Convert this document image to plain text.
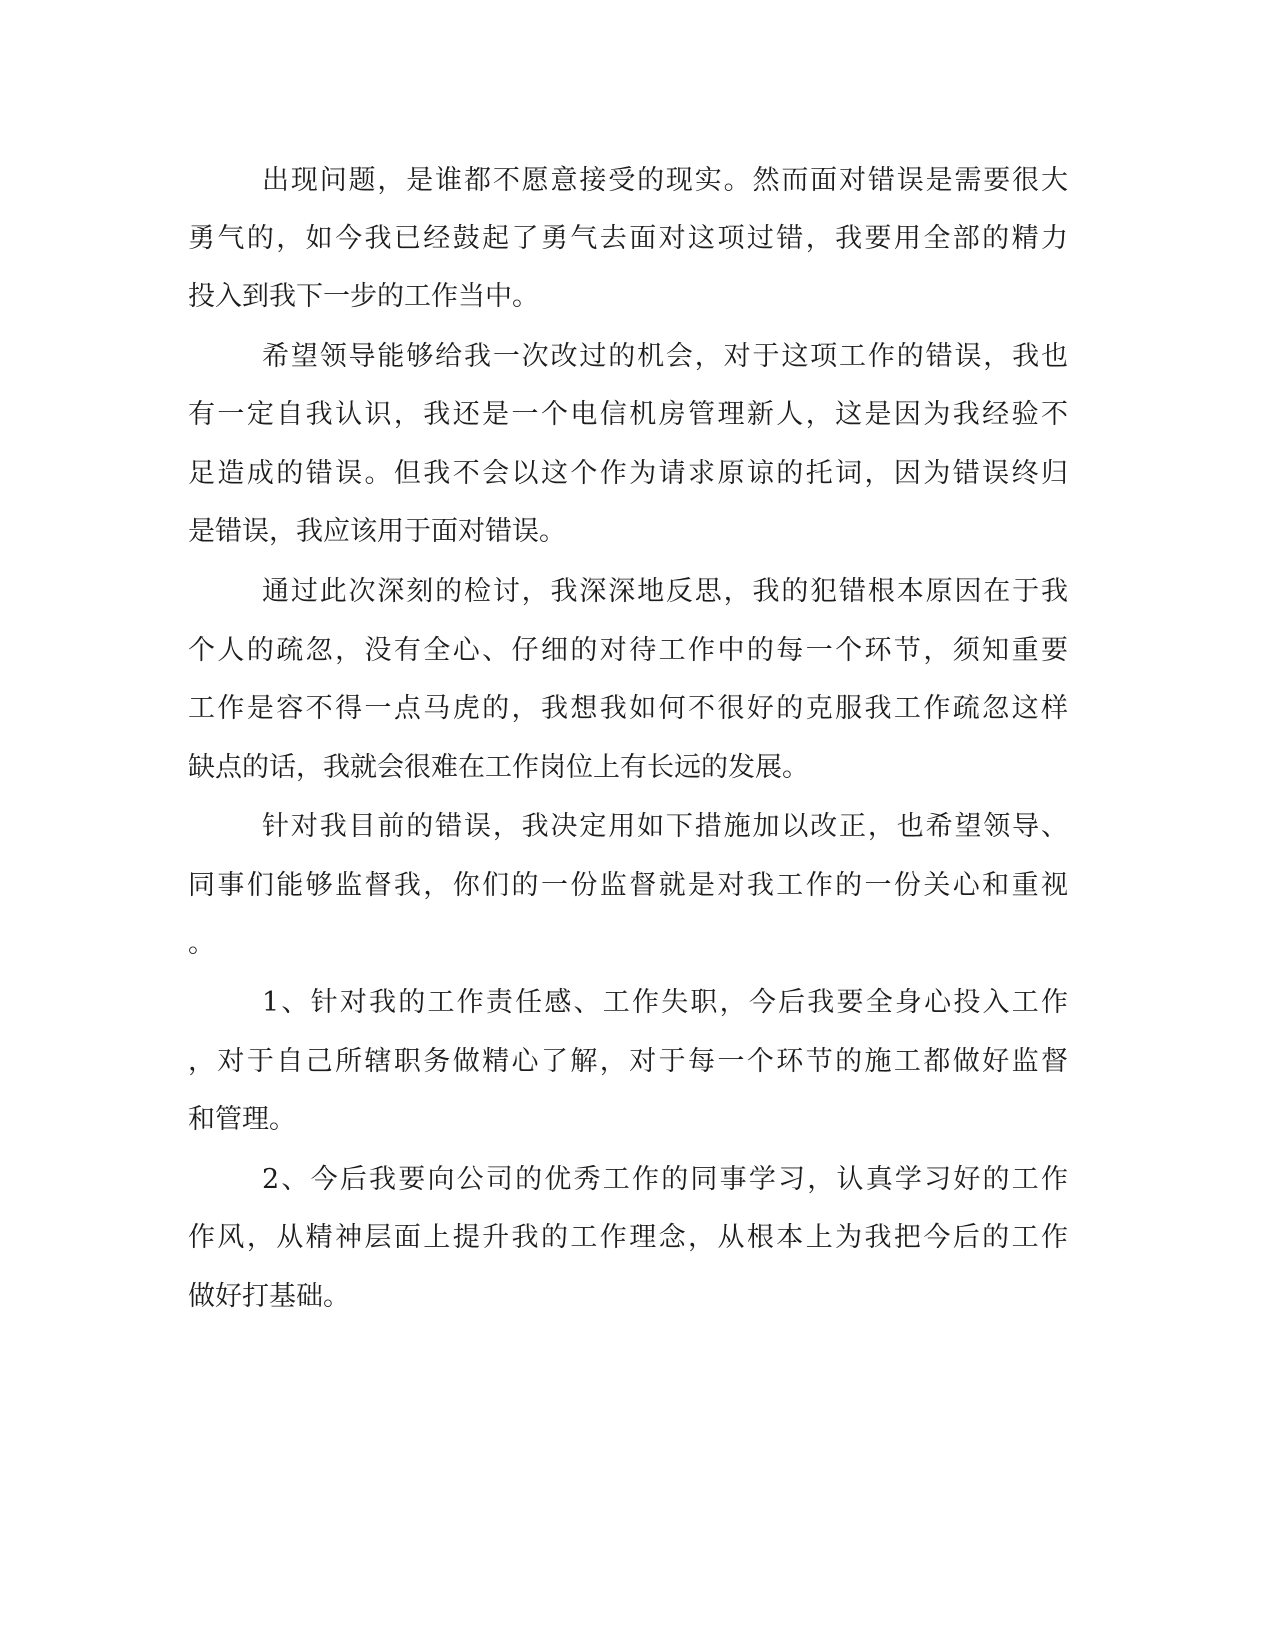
出现问题，是谁都不愿意接受的现实。然而面对错误是需要很大
勇气的，如今我已经鼓起了勇气去面对这项过错，我要用全部的精力
投入到我下一步的工作当中。
希望领导能够给我一次改过的机会，对于这项工作的错误，我也
有一定自我认识，我还是一个电信机房管理新人，这是因为我经验不
足造成的错误。但我不会以这个作为请求原谅的托词，因为错误终归
是错误，我应该用于面对错误。
通过此次深刻的检讨，我深深地反思，我的犯错根本原因在于我
个人的疏忽，没有全心、仔细的对待工作中的每一个环节，须知重要
工作是容不得一点马虎的，我想我如何不很好的克服我工作疏忽这样
缺点的话，我就会很难在工作岗位上有长远的发展。
针对我目前的错误，我决定用如下措施加以改正，也希望领导、
同事们能够监督我，你们的一份监督就是对我工作的一份关心和重视
。
1、针对我的工作责任感、工作失职，今后我要全身心投入工作
，对于自己所辖职务做精心了解，对于每一个环节的施工都做好监督
和管理。
2、今后我要向公司的优秀工作的同事学习，认真学习好的工作
作风，从精神层面上提升我的工作理念，从根本上为我把今后的工作
做好打基础。
